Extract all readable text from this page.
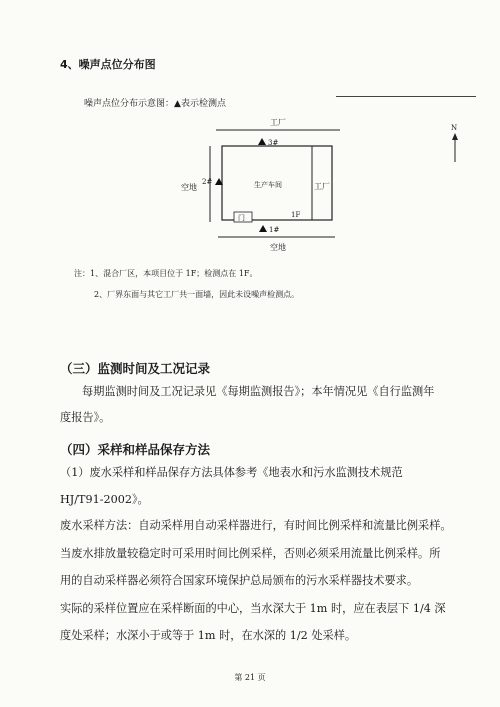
4、噪声点位分布图
噪声点位分布示意图：▲表示检测点
工厂
门
3#
2#
1#
空地	生产车间	工厂
1F
空地
N
注：1、混合厂区，本项目位于 1F；检测点在 1F。
2、厂界东面与其它工厂共一面墙，因此未设噪声检测点。
（三）监测时间及工况记录
每期监测时间及工况记录见《每期监测报告》；本年情况见《自行监测年
度报告》。
（四）采样和样品保存方法
（1）废水采样和样品保存方法具体参考《地表水和污水监测技术规范
HJ/T91-2002》。
废水采样方法：自动采样用自动采样器进行，有时间比例采样和流量比例采样。
当废水排放量较稳定时可采用时间比例采样，否则必须采用流量比例采样。所
用的自动采样器必须符合国家环境保护总局颁布的污水采样器技术要求。
实际的采样位置应在采样断面的中心，当水深大于 1m 时，应在表层下 1/4 深
度处采样；水深小于或等于 1m 时，在水深的 1/2 处采样。
第 21 页
